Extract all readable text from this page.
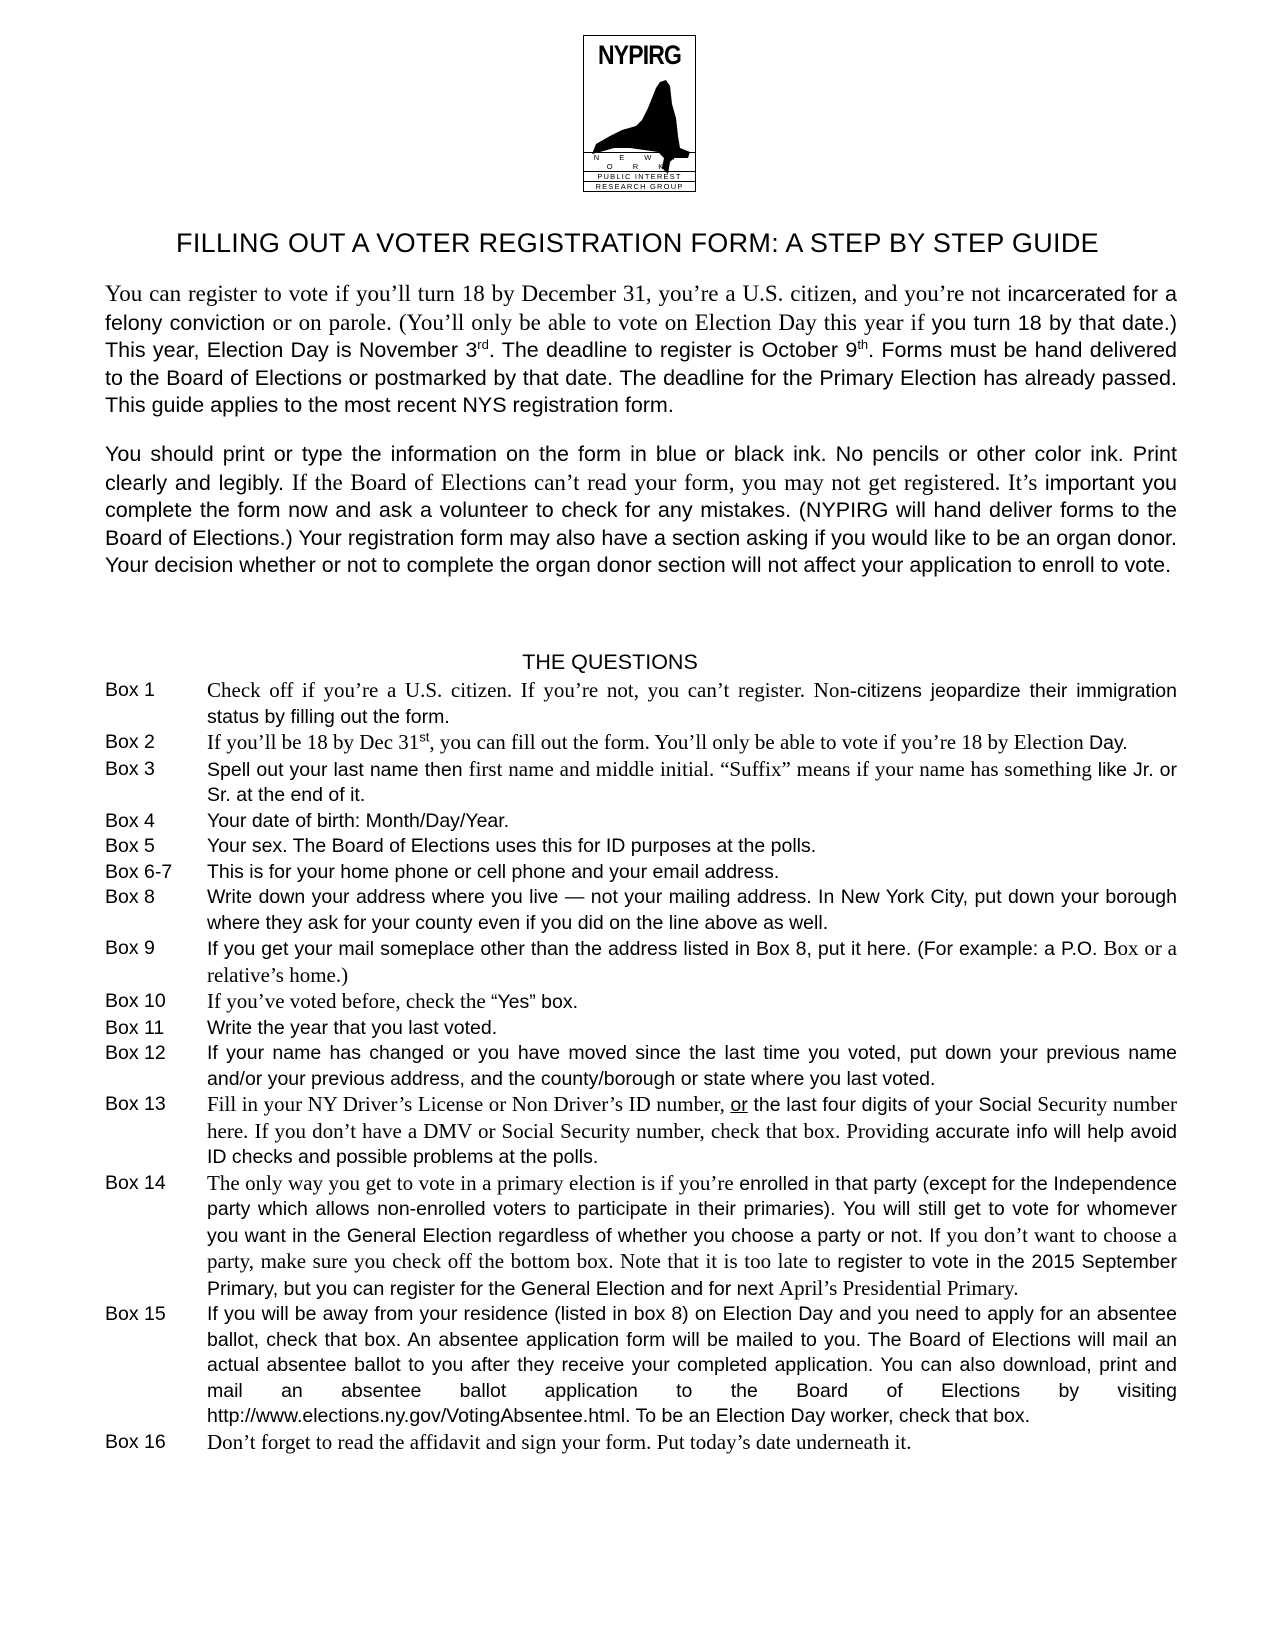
NYPIRG
N E W Y O R K
PUBLIC INTEREST
RESEARCH GROUP
FILLING OUT A VOTER REGISTRATION FORM: A STEP BY STEP GUIDE
You can register to vote if you’ll turn 18 by December 31, you’re a U.S. citizen, and you’re not incarcerated for a felony conviction or on parole. (You’ll only be able to vote on Election Day this year if you turn 18 by that date.) This year, Election Day is November 3rd. The deadline to register is October 9th. Forms must be hand delivered to the Board of Elections or postmarked by that date. The deadline for the Primary Election has already passed. This guide applies to the most recent NYS registration form.
You should print or type the information on the form in blue or black ink. No pencils or other color ink. Print clearly and legibly. If the Board of Elections can’t read your form, you may not get registered. It’s important you complete the form now and ask a volunteer to check for any mistakes. (NYPIRG will hand deliver forms to the Board of Elections.) Your registration form may also have a section asking if you would like to be an organ donor. Your decision whether or not to complete the organ donor section will not affect your application to enroll to vote.
THE QUESTIONS
Box 1	Check off if you’re a U.S. citizen. If you’re not, you can’t register. Non-citizens jeopardize their immigration status by filling out the form.
Box 2	If you’ll be 18 by Dec 31st, you can fill out the form. You’ll only be able to vote if you’re 18 by Election Day.
Box 3	Spell out your last name then first name and middle initial. “Suffix” means if your name has something like Jr. or Sr. at the end of it.
Box 4	Your date of birth: Month/Day/Year.
Box 5	Your sex. The Board of Elections uses this for ID purposes at the polls.
Box 6-7	This is for your home phone or cell phone and your email address.
Box 8	Write down your address where you live — not your mailing address. In New York City, put down your borough where they ask for your county even if you did on the line above as well.
Box 9	If you get your mail someplace other than the address listed in Box 8, put it here. (For example: a P.O. Box or a relative’s home.)
Box 10	If you’ve voted before, check the “Yes” box.
Box 11	Write the year that you last voted.
Box 12	If your name has changed or you have moved since the last time you voted, put down your previous name and/or your previous address, and the county/borough or state where you last voted.
Box 13	Fill in your NY Driver’s License or Non Driver’s ID number, or the last four digits of your Social Security number here. If you don’t have a DMV or Social Security number, check that box. Providing accurate info will help avoid ID checks and possible problems at the polls.
Box 14	The only way you get to vote in a primary election is if you’re enrolled in that party (except for the Independence party which allows non-enrolled voters to participate in their primaries). You will still get to vote for whomever you want in the General Election regardless of whether you choose a party or not. If you don’t want to choose a party, make sure you check off the bottom box. Note that it is too late to register to vote in the 2015 September Primary, but you can register for the General Election and for next April’s Presidential Primary.
Box 15	If you will be away from your residence (listed in box 8) on Election Day and you need to apply for an absentee ballot, check that box. An absentee application form will be mailed to you. The Board of Elections will mail an actual absentee ballot to you after they receive your completed application. You can also download, print and mail an absentee ballot application to the Board of Elections by visiting http://www.elections.ny.gov/VotingAbsentee.html. To be an Election Day worker, check that box.
Box 16	Don’t forget to read the affidavit and sign your form. Put today’s date underneath it.
